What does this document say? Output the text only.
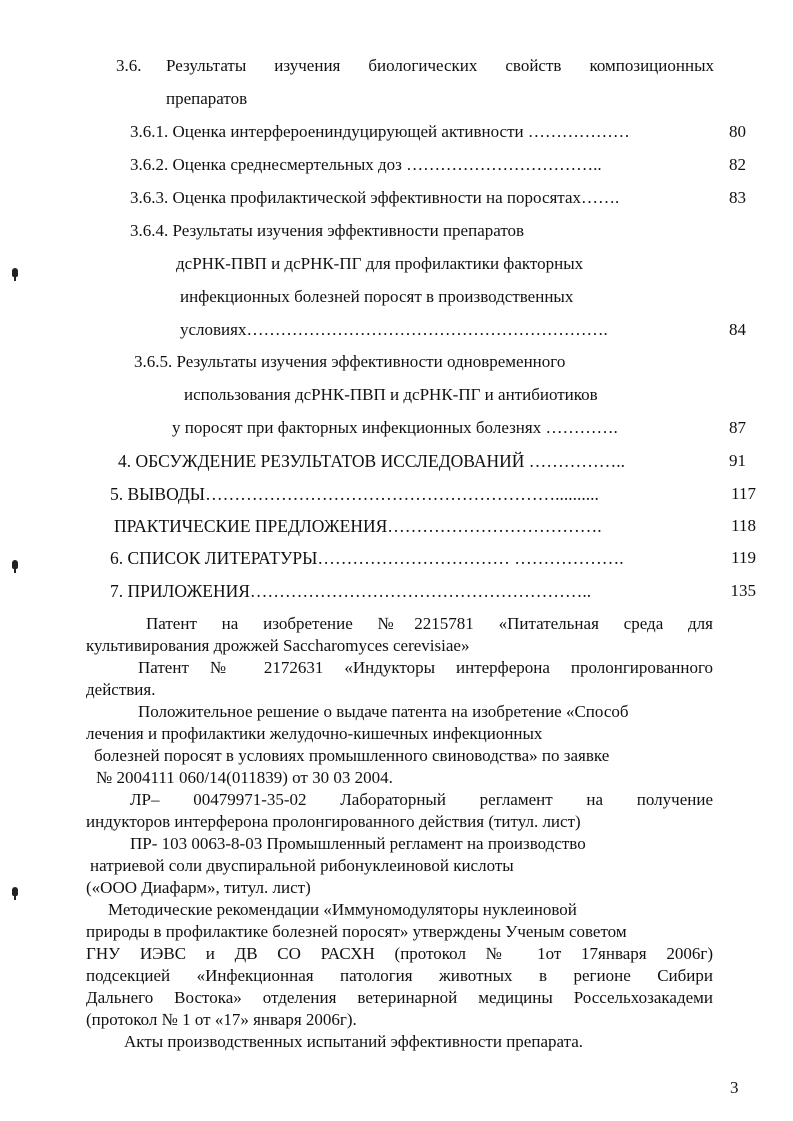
3.6. Результаты изучения биологических свойств композиционных
препаратов
3.6.1. Оценка интерфероениндуцирующей активности ………………	80
3.6.2. Оценка среднесмертельных доз ……………………………..	82
3.6.3. Оценка профилактической эффективности на поросятах…….	83
3.6.4. Результаты изучения эффективности препаратов
дсРНК-ПВП и дсРНК-ПГ для профилактики факторных
инфекционных болезней поросят в производственных
условиях……………………………………………………….	84
3.6.5. Результаты изучения эффективности одновременного
использования дсРНК-ПВП и дсРНК-ПГ и антибиотиков
у поросят при факторных инфекционных болезнях ………….	87
4. ОБСУЖДЕНИЕ РЕЗУЛЬТАТОВ ИССЛЕДОВАНИЙ ……………..	91
5. ВЫВОДЫ……………………………………………………..........	117
ПРАКТИЧЕСКИЕ ПРЕДЛОЖЕНИЯ……………………………….	118
6. СПИСОК ЛИТЕРАТУРЫ…………………………… ……………….	119
7. ПРИЛОЖЕНИЯ…………………………………………………..	135
Патент на изобретение №2215781 «Питательная среда для
культивирования дрожжей Saccharomyces cerevisiae»
Патент № 2172631 «Индукторы интерферона пролонгированного
действия.
Положительное решение о выдаче патента на изобретение «Способ
лечения и профилактики желудочно-кишечных инфекционных
болезней поросят в условиях промышленного свиноводства» по заявке
№ 2004111 060/14(011839) от 30 03 2004.
ЛР– 00479971-35-02 Лабораторный регламент на получение
индукторов интерферона пролонгированного действия (титул. лист)
ПР- 103 0063-8-03 Промышленный регламент на производство
натриевой соли двуспиральной рибонуклеиновой кислоты
(«ООО Диафарм», титул. лист)
Методические рекомендации «Иммуномодуляторы нуклеиновой
природы в профилактике болезней поросят» утверждены Ученым советом
ГНУ ИЭВС и ДВ СО РАСХН (протокол № 1от 17января 2006г)
подсекцией «Инфекционная патология животных в регионе Сибири
Дальнего Востока» отделения ветеринарной медицины Россельхозакадеми
(протокол № 1 от «17» января 2006г).
Акты производственных испытаний эффективности препарата.
3
